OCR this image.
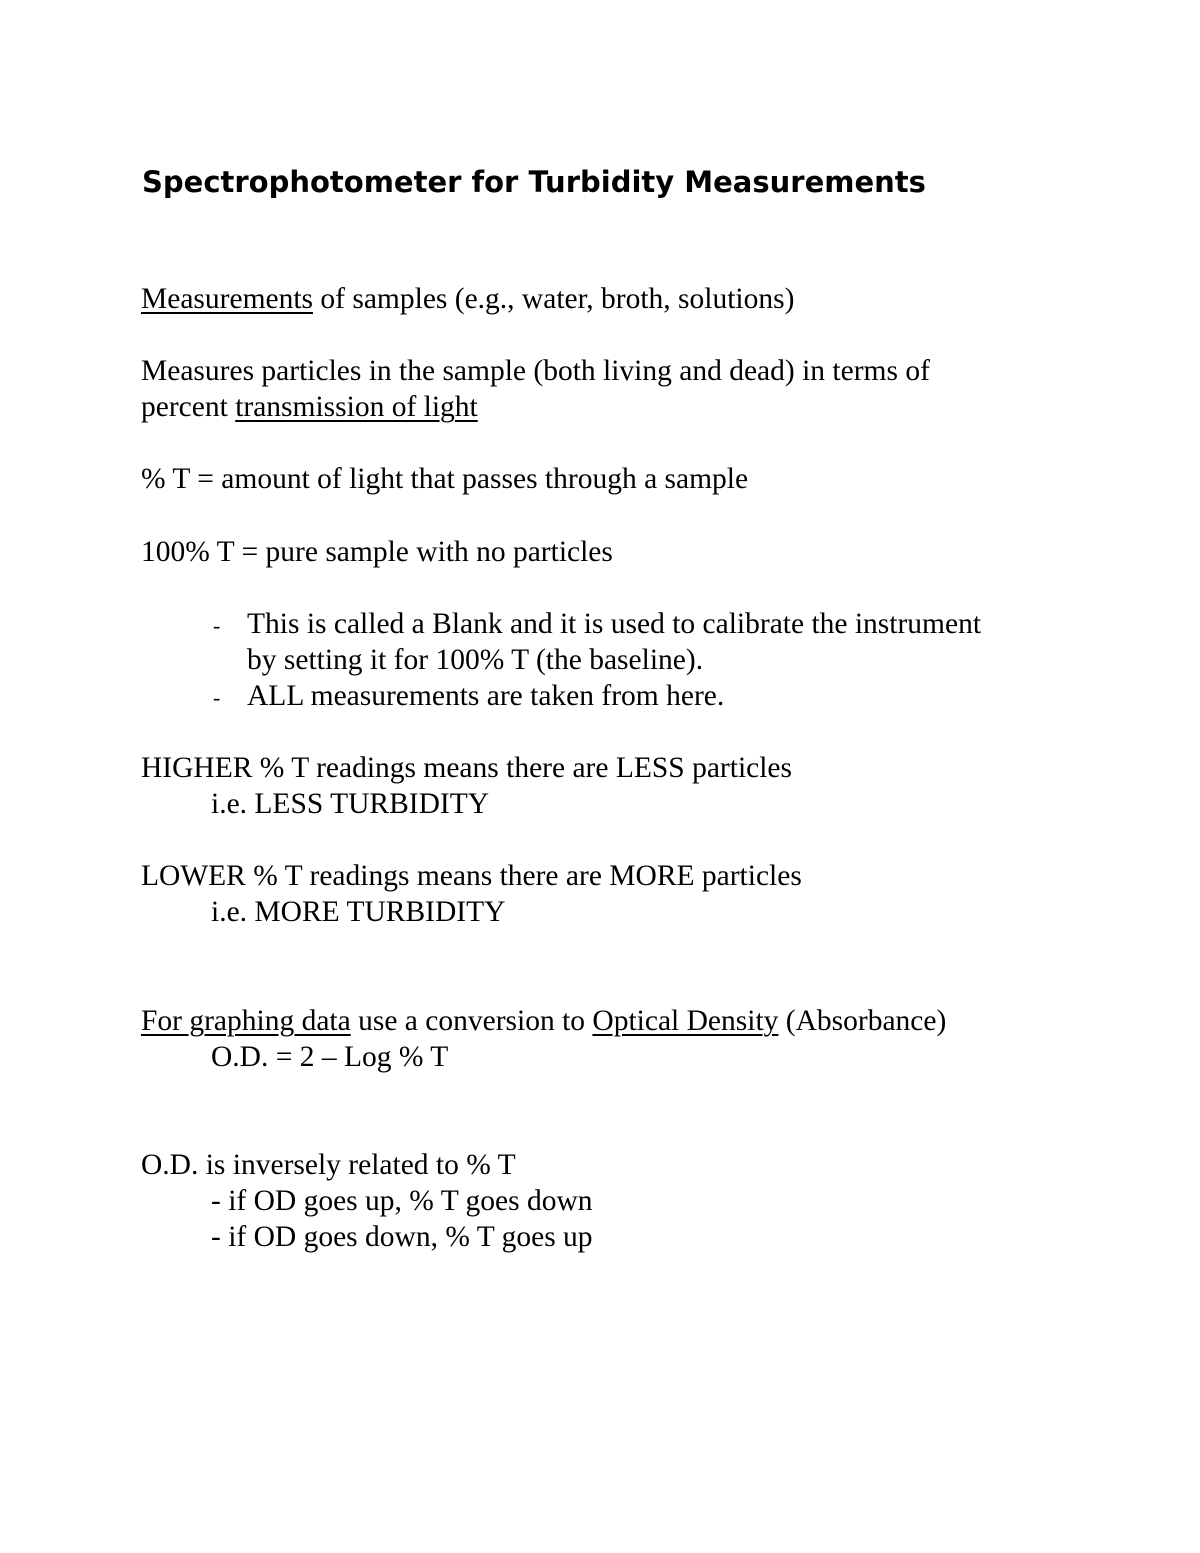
Spectrophotometer for Turbidity Measurements

Measurements of samples (e.g., water, broth, solutions)

Measures particles in the sample (both living and dead) in terms of

percent transmission of light

% T = amount of light that passes through a sample

100% T = pure sample with no particles

- This is called a Blank and it is used to calibrate the instrument

by setting it for 100% T (the baseline).

- ALL measurements are taken from here.

HIGHER % T readings means there are LESS particles

i.e. LESS TURBIDITY

LOWER % T readings means there are MORE particles

i.e. MORE TURBIDITY

For graphing data use a conversion to Optical Density (Absorbance)

O.D. = 2 – Log % T

O.D. is inversely related to % T

- if OD goes up, % T goes down

- if OD goes down, % T goes up
